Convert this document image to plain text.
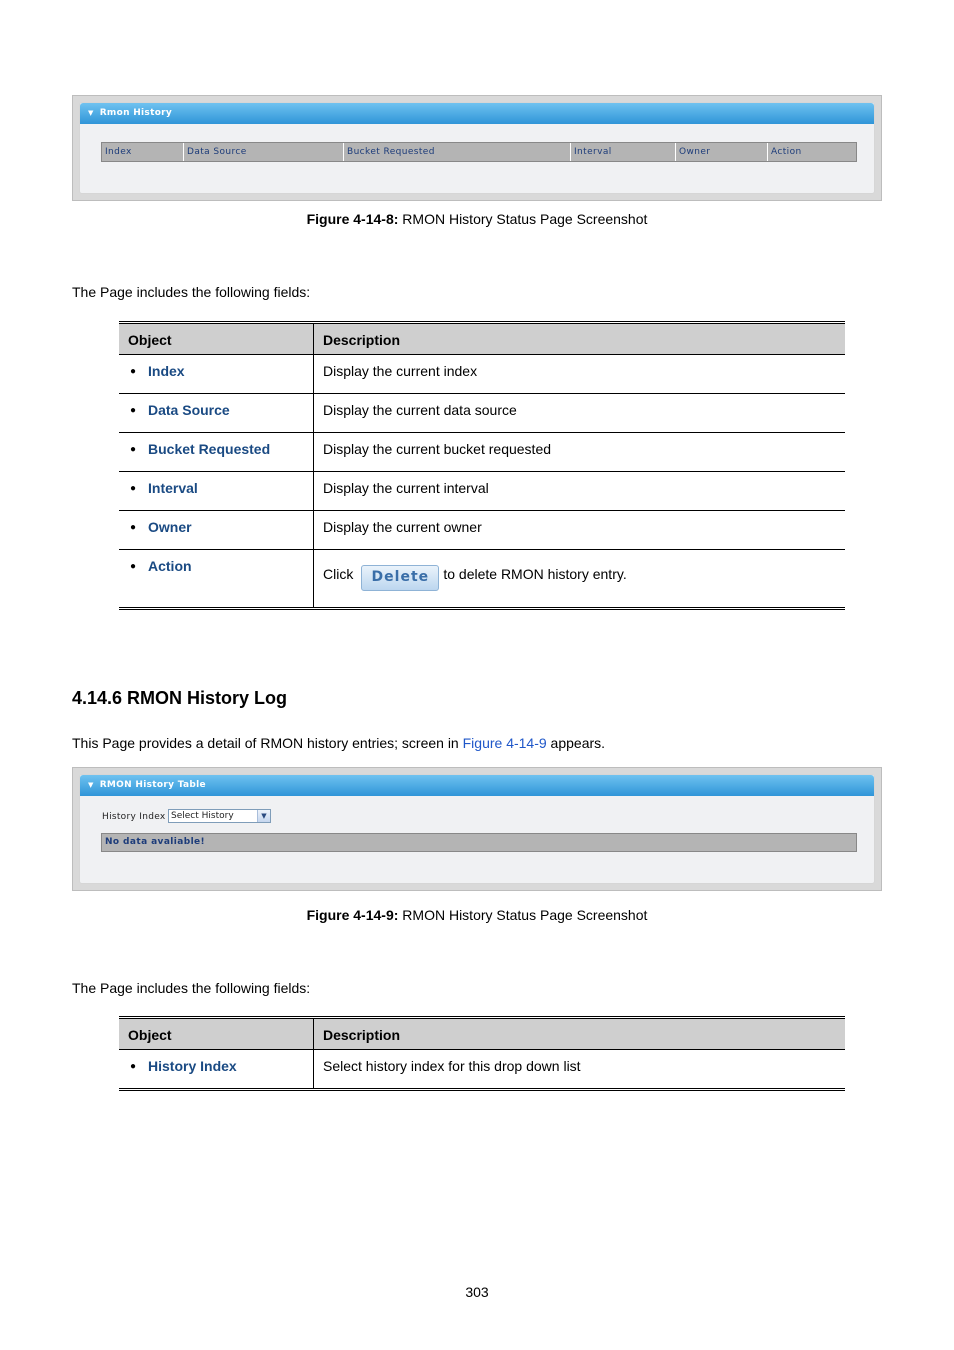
▼ Rmon History
Index	Data Source	Bucket Requested	Interval	Owner	Action
Figure 4-14-8: RMON History Status Page Screenshot
The Page includes the following fields:
Object	Description
● Index	Display the current index
● Data Source	Display the current data source
● Bucket Requested	Display the current bucket requested
● Interval	Display the current interval
● Owner	Display the current owner
● Action	Click Delete to delete RMON history entry.
4.14.6 RMON History Log
This Page provides a detail of RMON history entries; screen in Figure 4-14-9 appears.
▼ RMON History Table
History Index Select History	▼
No data avaliable!
Figure 4-14-9: RMON History Status Page Screenshot
The Page includes the following fields:
Object	Description
● History Index	Select history index for this drop down list
303
